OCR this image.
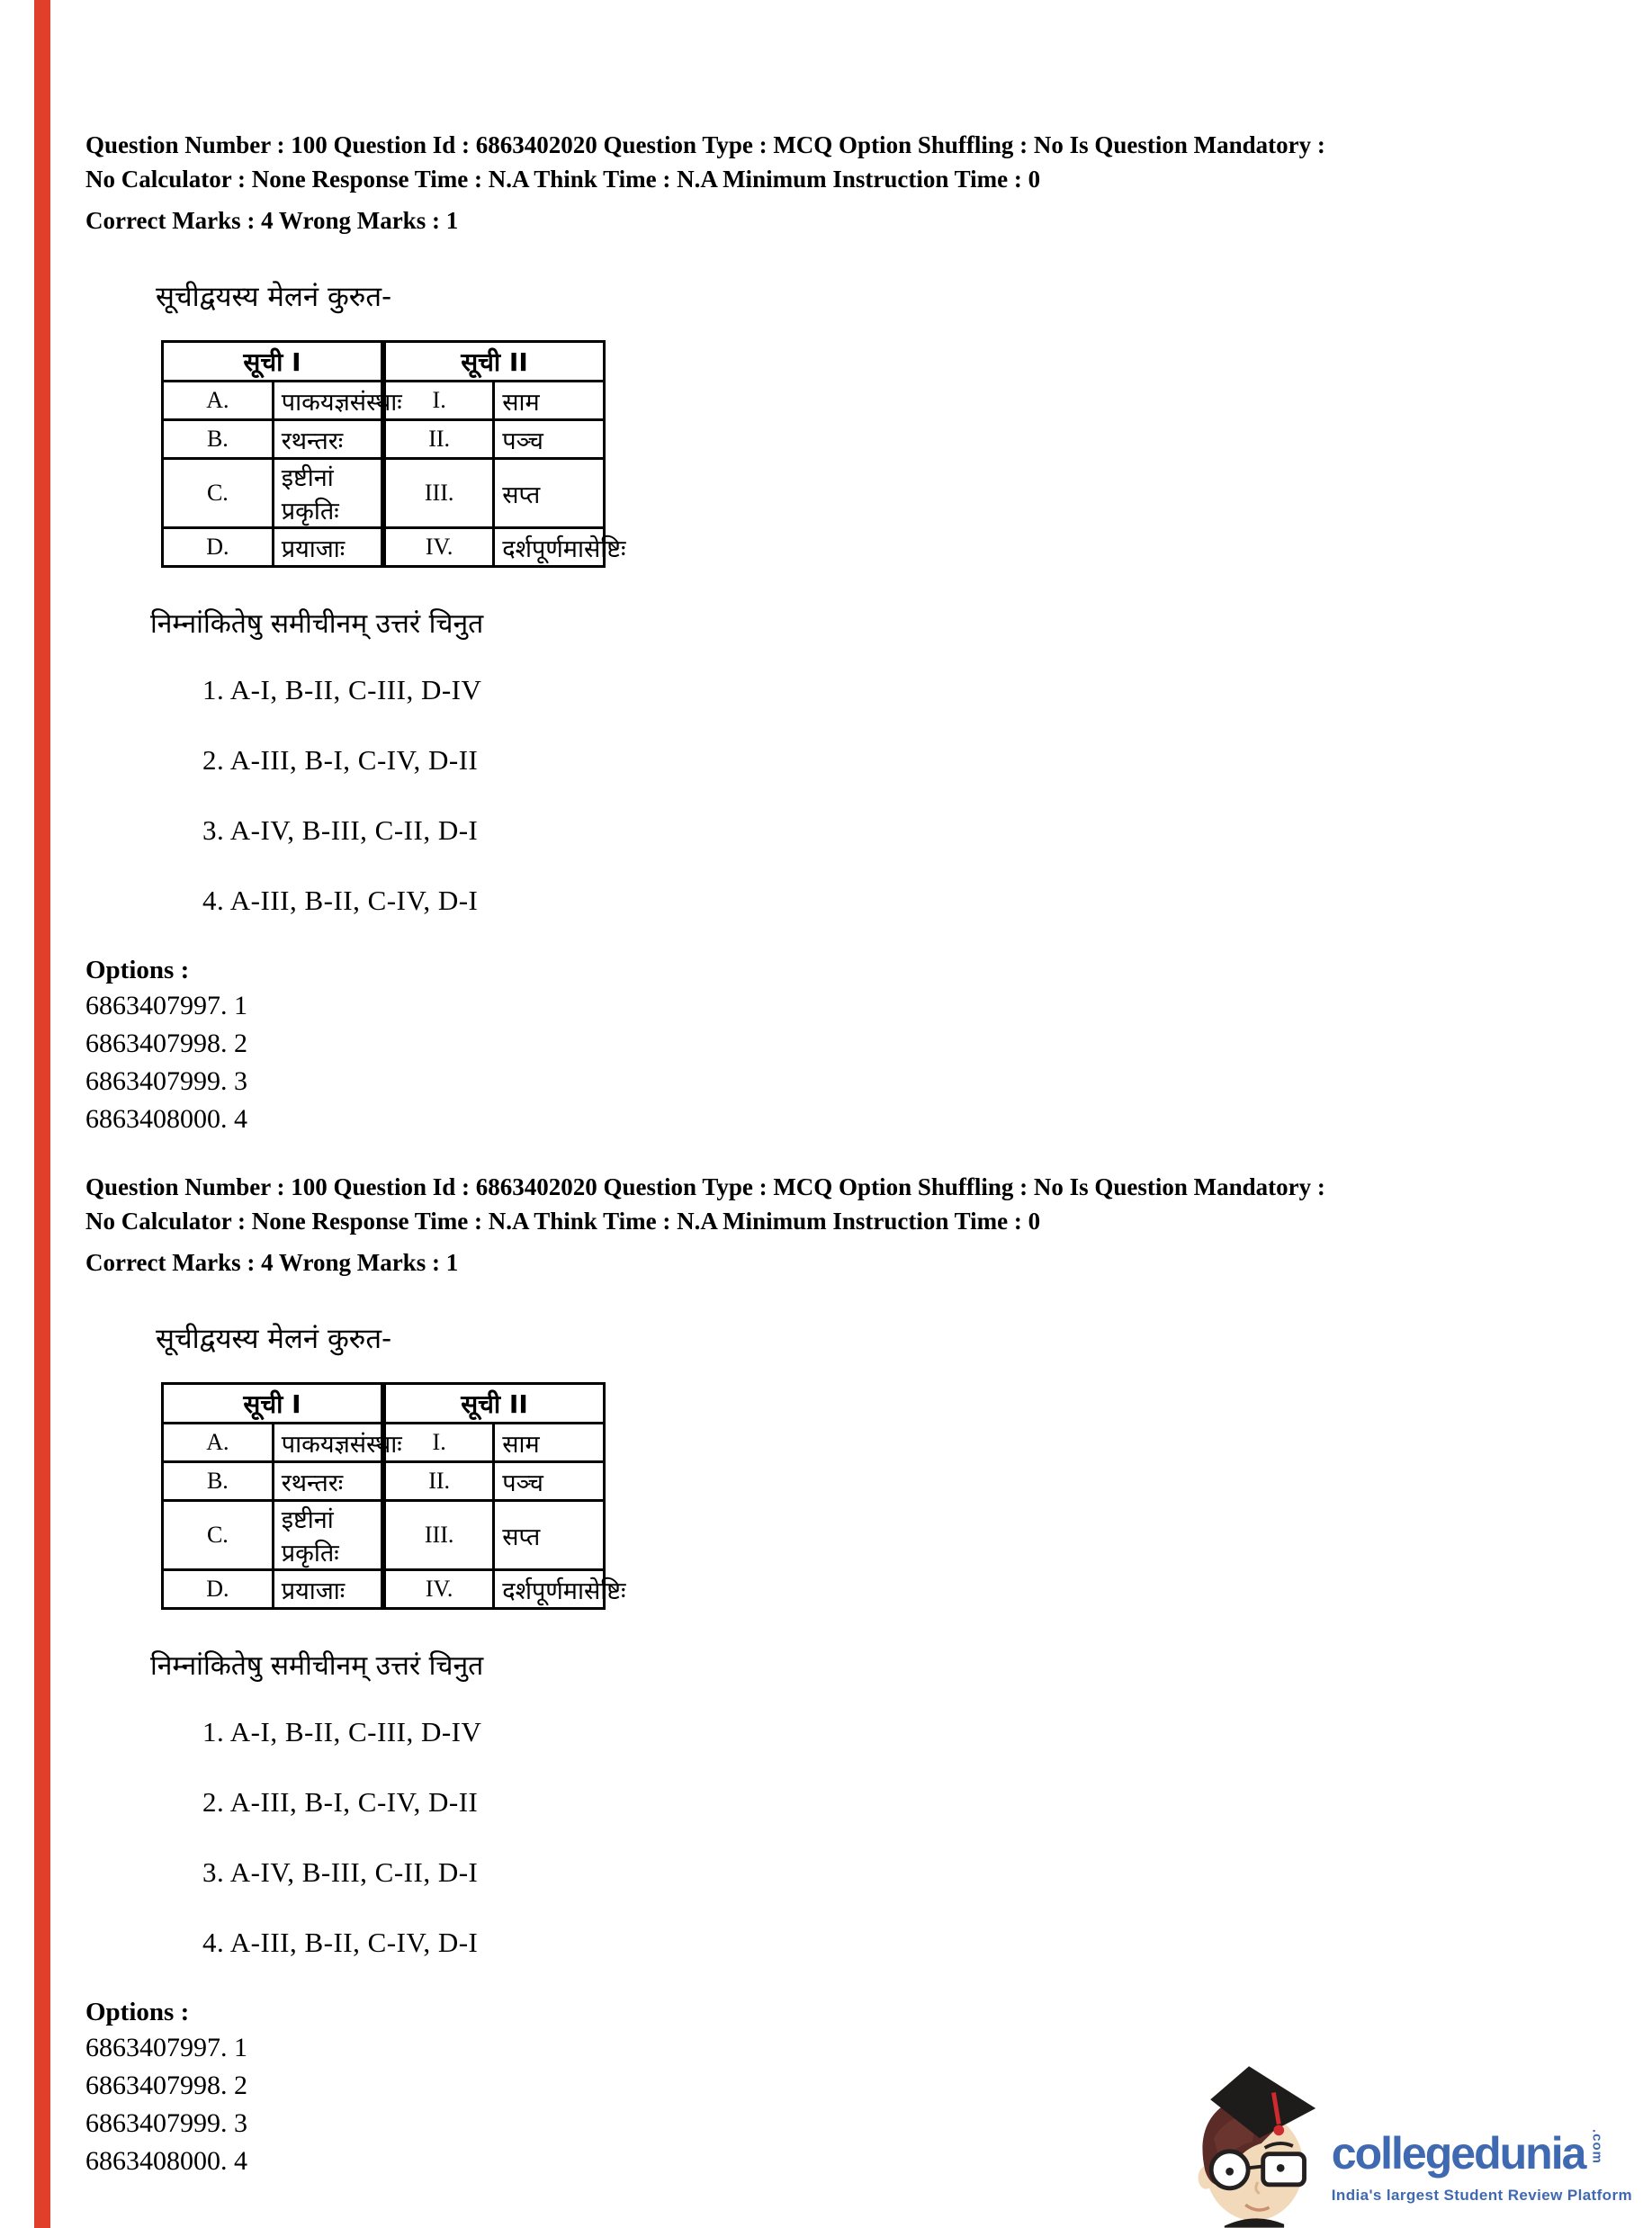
Question Number : 100 Question Id : 6863402020 Question Type : MCQ Option Shuffling : No Is Question Mandatory :
No Calculator : None Response Time : N.A Think Time : N.A Minimum Instruction Time : 0
Correct Marks : 4 Wrong Marks : 1
सूचीद्वयस्य मेलनं कुरुत-
सूची I		सूची II	
A.	पाकयज्ञसंस्थाः	I.	साम
B.	रथन्तरः	II.	पञ्च
C.	इष्टीनां प्रकृतिः	III.	सप्त
D.	प्रयाजाः	IV.	दर्शपूर्णमासेष्टिः
निम्नांकितेषु समीचीनम् उत्तरं चिनुत
1. A-I, B-II, C-III, D-IV
2. A-III, B-I, C-IV, D-II
3. A-IV, B-III, C-II, D-I
4. A-III, B-II, C-IV, D-I
Options :
6863407997. 1
6863407998. 2
6863407999. 3
6863408000. 4
Question Number : 100 Question Id : 6863402020 Question Type : MCQ Option Shuffling : No Is Question Mandatory :
No Calculator : None Response Time : N.A Think Time : N.A Minimum Instruction Time : 0
Correct Marks : 4 Wrong Marks : 1
सूचीद्वयस्य मेलनं कुरुत-
सूची I		सूची II	
A.	पाकयज्ञसंस्थाः	I.	साम
B.	रथन्तरः	II.	पञ्च
C.	इष्टीनां प्रकृतिः	III.	सप्त
D.	प्रयाजाः	IV.	दर्शपूर्णमासेष्टिः
निम्नांकितेषु समीचीनम् उत्तरं चिनुत
1. A-I, B-II, C-III, D-IV
2. A-III, B-I, C-IV, D-II
3. A-IV, B-III, C-II, D-I
4. A-III, B-II, C-IV, D-I
Options :
6863407997. 1
6863407998. 2
6863407999. 3
6863408000. 4	collegedunia .com
India's largest Student Review Platform
